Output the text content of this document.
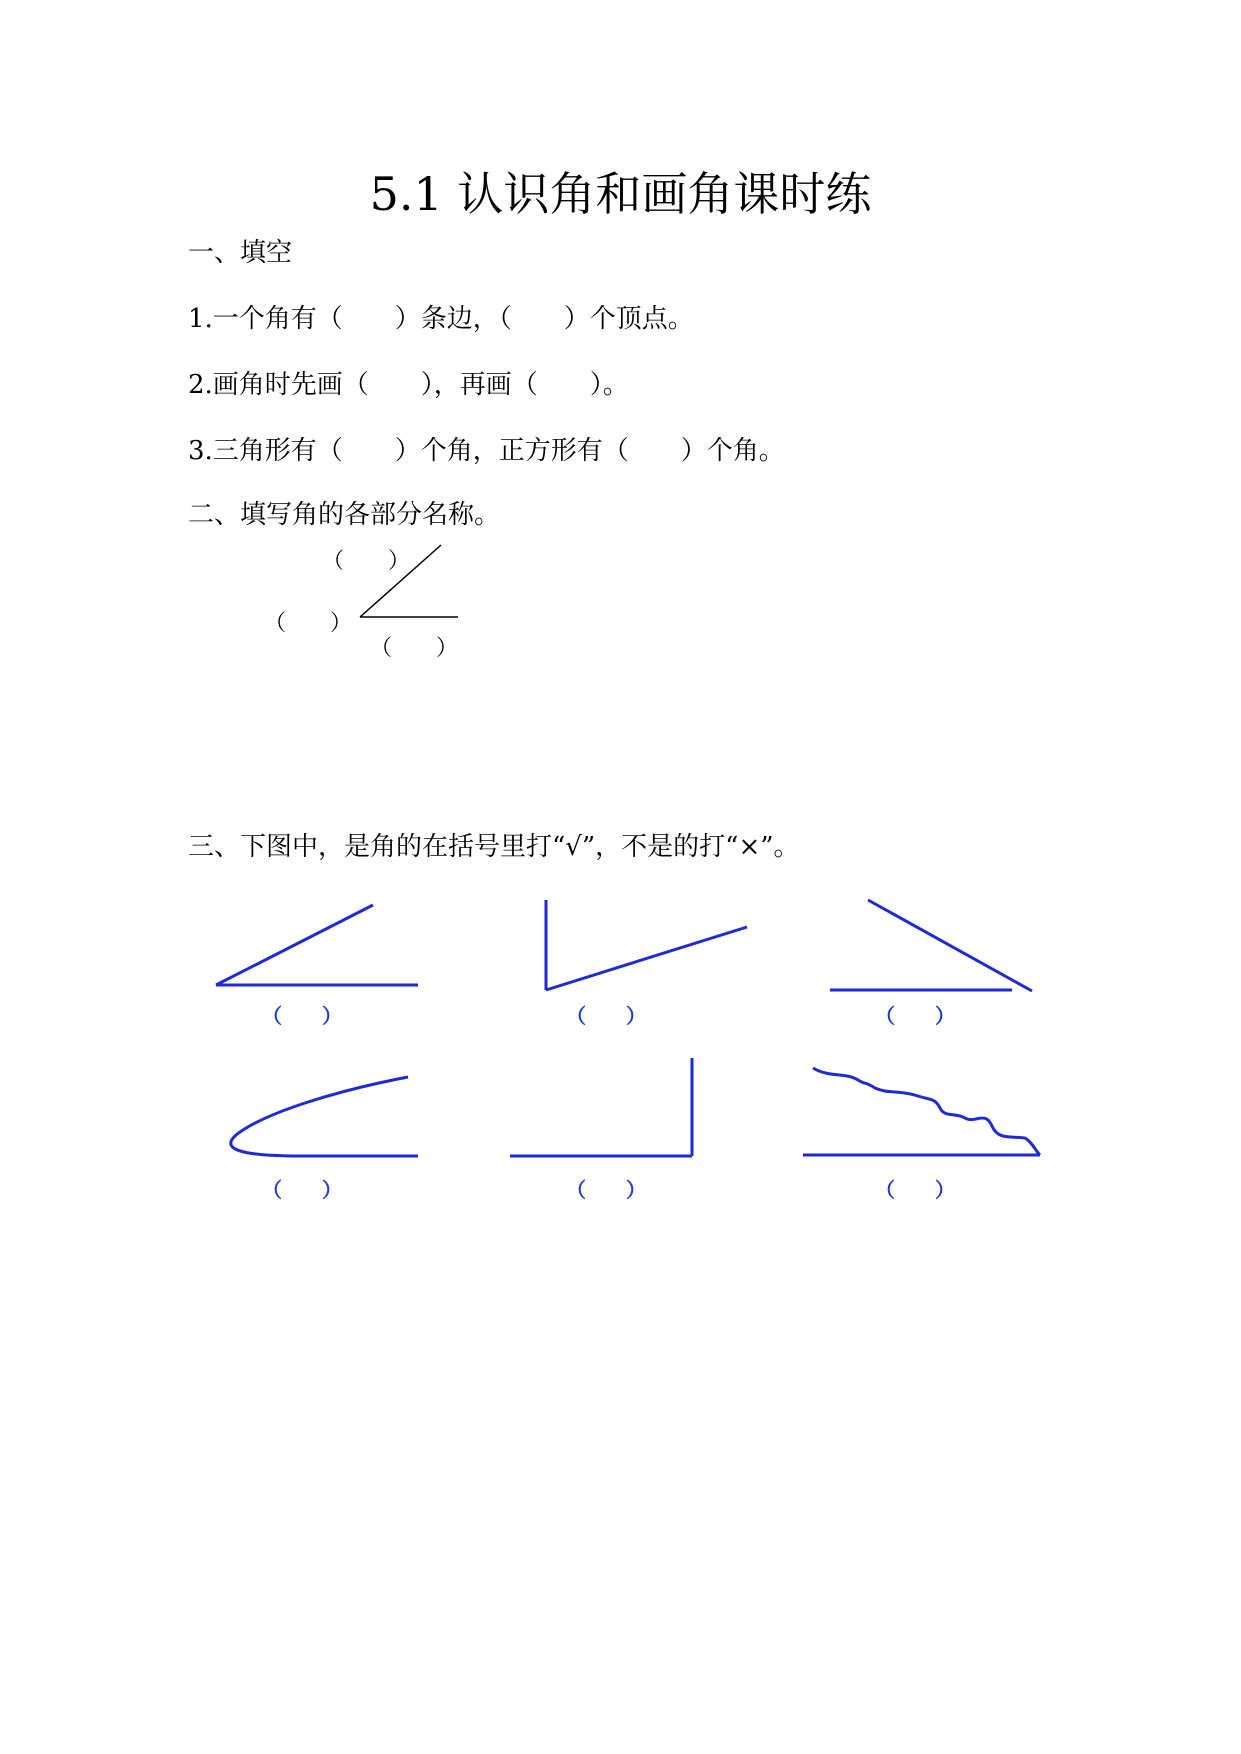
5.1 认识角和画角课时练
一、填空
1.一个角有（　　）条边，（　　）个顶点。
2.画角时先画（　　），再画（　　）。
3.三角形有（　　）个角，正方形有（　　）个角。
二、填写角的各部分名称。
（　　）
（　　）
（　　）
三、下图中，是角的在括号里打“√”，不是的打“×”。
（　　）	（　　）	（　　）
（　　）	（　　）	（　　）
